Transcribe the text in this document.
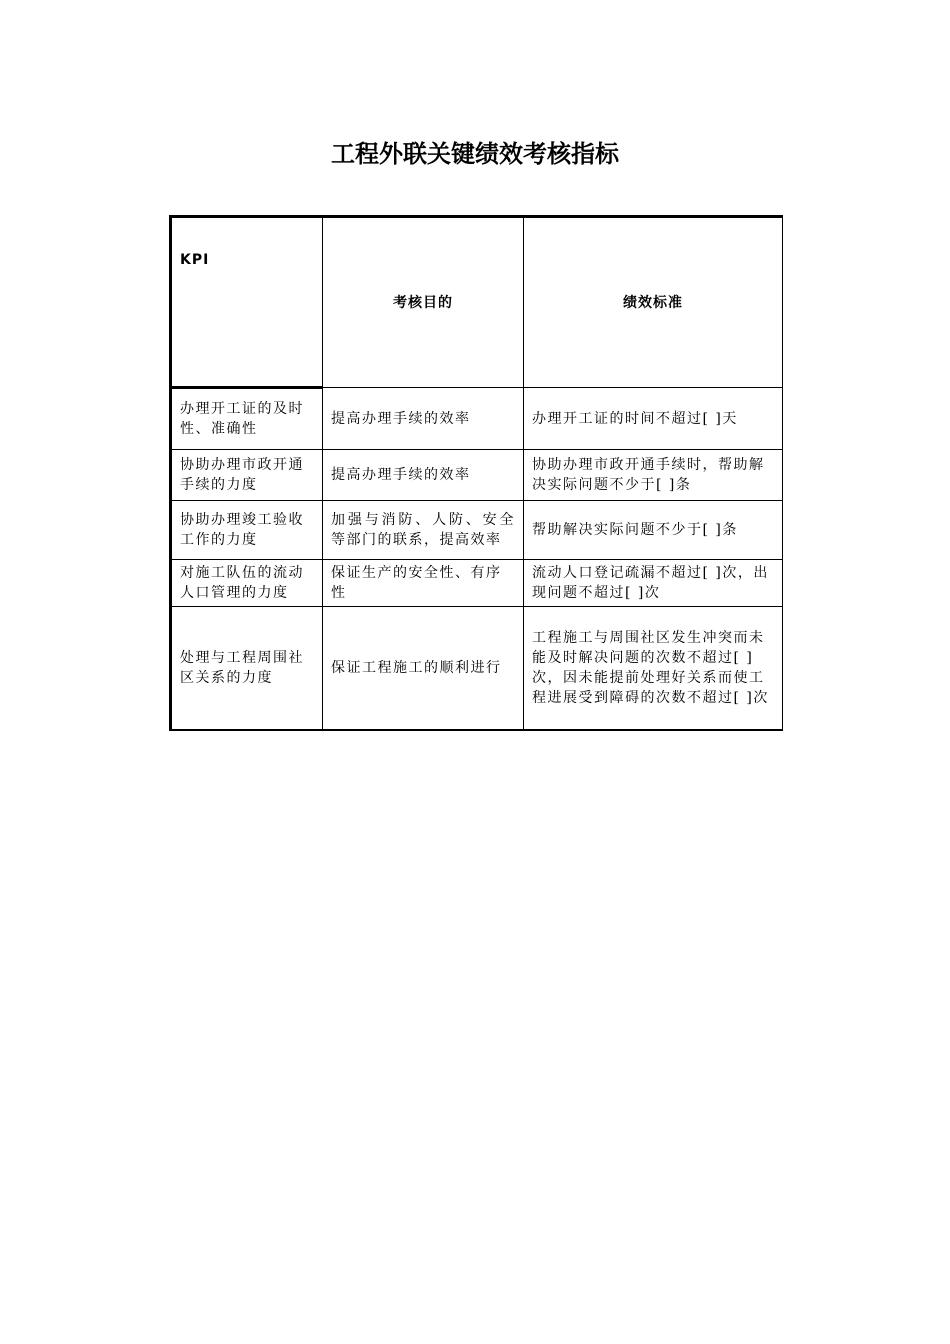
工程外联关键绩效考核指标
KPI	考核目的	绩效标准
办理开工证的及时性、准确性	提高办理手续的效率	办理开工证的时间不超过[ ]天
协助办理市政开通手续的力度	提高办理手续的效率	协助办理市政开通手续时，帮助解决实际问题不少于[ ]条
协助办理竣工验收工作的力度	加强与消防、人防、安全等部门的联系，提高效率	帮助解决实际问题不少于[ ]条
对施工队伍的流动人口管理的力度	保证生产的安全性、有序性	流动人口登记疏漏不超过[ ]次，出现问题不超过[ ]次
处理与工程周围社区关系的力度	保证工程施工的顺利进行	工程施工与周围社区发生冲突而未能及时解决问题的次数不超过[ ]次，因未能提前处理好关系而使工程进展受到障碍的次数不超过[ ]次
